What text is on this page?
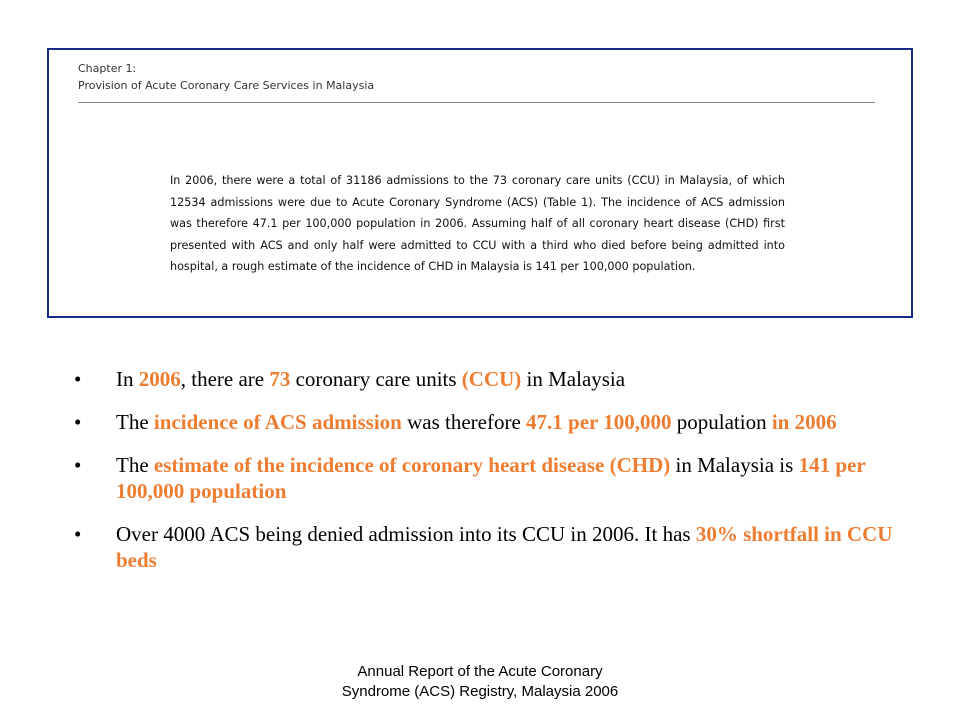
Chapter 1:
Provision of Acute Coronary Care Services in Malaysia

In 2006, there were a total of 31186 admissions to the 73 coronary care units (CCU) in Malaysia, of which 12534 admissions were due to Acute Coronary Syndrome (ACS) (Table 1). The incidence of ACS admission was therefore 47.1 per 100,000 population in 2006. Assuming half of all coronary heart disease (CHD) first presented with ACS and only half were admitted to CCU with a third who died before being admitted into hospital, a rough estimate of the incidence of CHD in Malaysia is 141 per 100,000 population.

• In 2006, there are 73 coronary care units (CCU) in Malaysia
• The incidence of ACS admission was therefore 47.1 per 100,000 population in 2006
• The estimate of the incidence of coronary heart disease (CHD) in Malaysia is 141 per 100,000 population
• Over 4000 ACS being denied admission into its CCU in 2006. It has 30% shortfall in CCU beds
Annual Report of the Acute Coronary
Syndrome (ACS) Registry, Malaysia 2006
